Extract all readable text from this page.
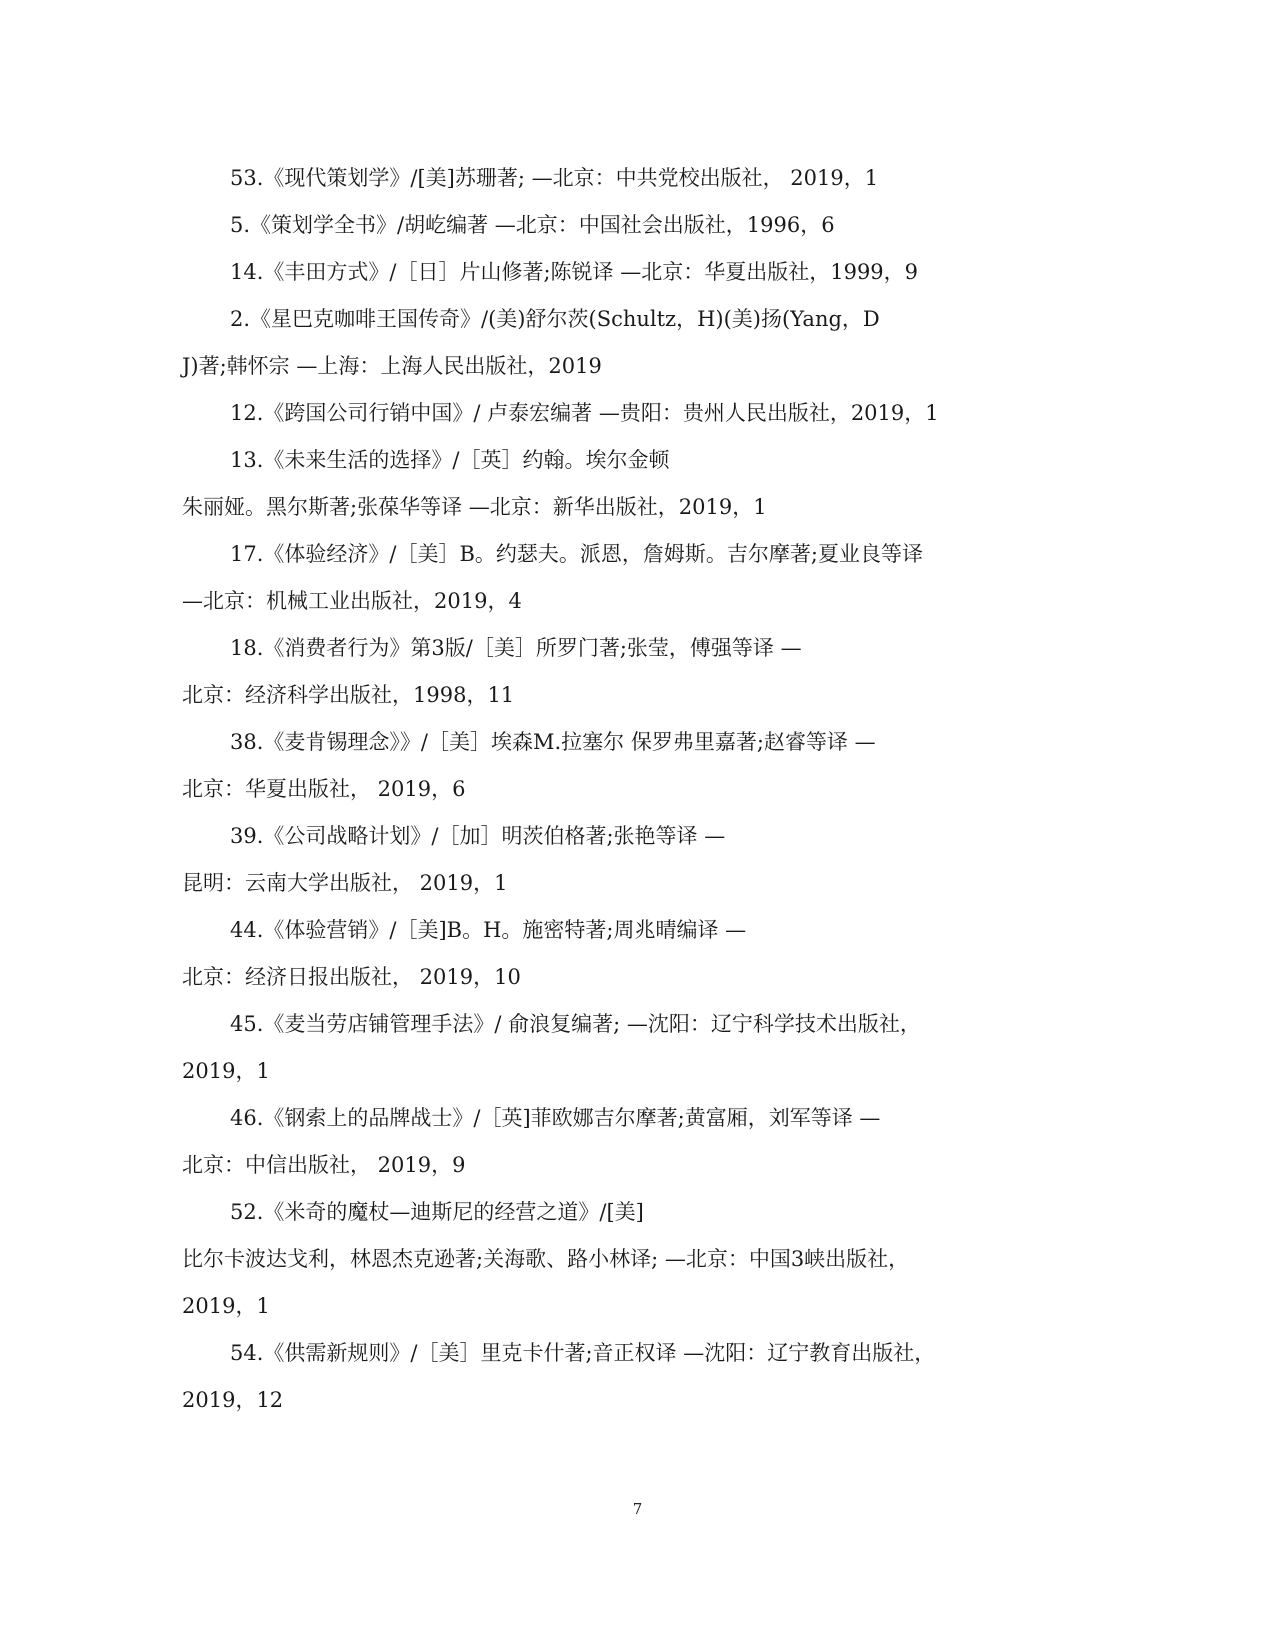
53.《现代策划学》/[美]苏珊著; —北京：中共党校出版社， 2019，1

5.《策划学全书》/胡屹编著 —北京：中国社会出版社，1996，6

14.《丰田方式》/［日］片山修著;陈锐译 —北京：华夏出版社，1999，9

2.《星巴克咖啡王国传奇》/(美)舒尔茨(Schultz，H)(美)扬(Yang，D
J)著;韩怀宗 —上海：上海人民出版社，2019

12.《跨国公司行销中国》/ 卢泰宏编著 —贵阳：贵州人民出版社，2019，1

13.《未来生活的选择》/［英］约翰。埃尔金顿
朱丽娅。黑尔斯著;张葆华等译 —北京：新华出版社，2019，1

17.《体验经济》/［美］B。约瑟夫。派恩，詹姆斯。吉尔摩著;夏业良等译
—北京：机械工业出版社，2019，4

18.《消费者行为》第3版/［美］所罗门著;张莹，傅强等译 —
北京：经济科学出版社，1998，11

38.《麦肯锡理念》》/［美］埃森M.拉塞尔 保罗弗里嘉著;赵睿等译 —
北京：华夏出版社， 2019，6

39.《公司战略计划》/［加］明茨伯格著;张艳等译 —
昆明：云南大学出版社， 2019，1

44.《体验营销》/［美]B。H。施密特著;周兆晴编译 —
北京：经济日报出版社， 2019，10

45.《麦当劳店铺管理手法》/ 俞浪复编著; —沈阳：辽宁科学技术出版社，
2019，1

46.《钢索上的品牌战士》/［英]菲欧娜吉尔摩著;黄富厢，刘军等译 —
北京：中信出版社， 2019，9

52.《米奇的魔杖—迪斯尼的经营之道》/[美]
比尔卡波达戈利，林恩杰克逊著;关海歌、路小林译; —北京：中国3峡出版社，
2019，1

54.《供需新规则》/［美］里克卡什著;音正权译 —沈阳：辽宁教育出版社，
2019，12

7
